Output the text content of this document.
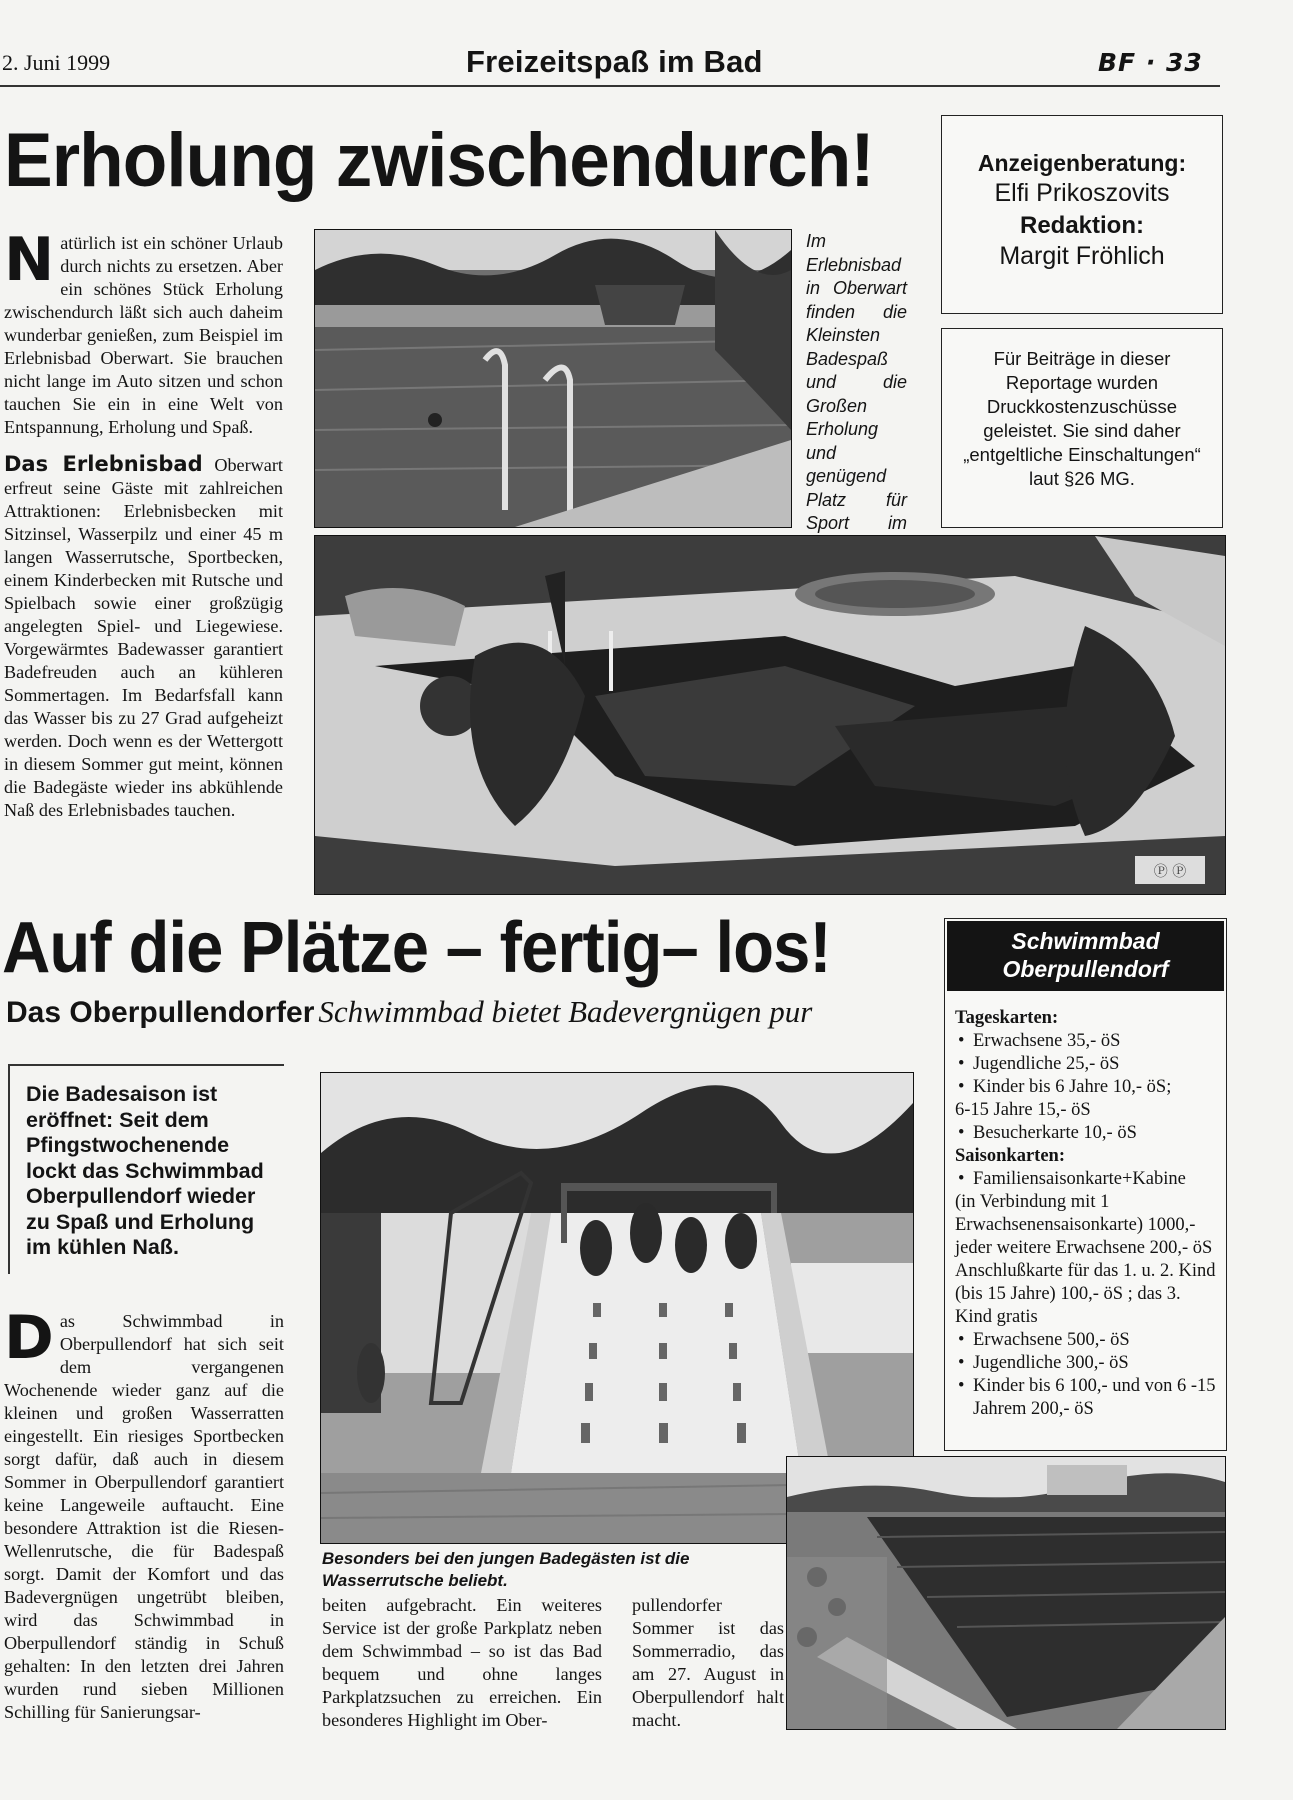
2. Juni 1999	Freizeitspaß im Bad	BF · 33
Erholung zwischendurch!
Natürlich ist ein schöner Urlaub durch nichts zu ersetzen. Aber ein schönes Stück Erholung zwischendurch läßt sich auch daheim wunderbar genießen, zum Beispiel im Erlebnisbad Oberwart. Sie brauchen nicht lange im Auto sitzen und schon tauchen Sie ein in eine Welt von Entspannung, Erholung und Spaß.
Das Erlebnisbad Oberwart erfreut seine Gäste mit zahlreichen Attraktionen: Erlebnisbecken mit Sitzinsel, Wasserpilz und einer 45 m langen Wasserrutsche, Sportbecken, einem Kinderbecken mit Rutsche und Spielbach sowie einer großzügig angelegten Spiel- und Liegewiese. Vorgewärmtes Badewasser garantiert Badefreuden auch an kühleren Sommertagen. Im Bedarfsfall kann das Wasser bis zu 27 Grad aufgeheizt werden. Doch wenn es der Wettergott in diesem Sommer gut meint, können die Badegäste wieder ins abkühlende Naß des Erlebnisbades tauchen.
Im Erlebnisbad in Oberwart finden die Kleinsten Badespaß und die Großen Erholung und genügend Platz für Sport im
Anzeigenberatung:
Elfi Prikoszovits
Redaktion:
Margit Fröhlich
Für Beiträge in dieser Reportage wurden Druckkostenzuschüsse geleistet. Sie sind daher „entgeltliche Einschaltungen“ laut §26 MG.
Ⓟ Ⓟ
Auf die Plätze – fertig– los!
Das Oberpullendorfer Schwimmbad bietet Badevergnügen pur
Die Badesaison ist eröffnet: Seit dem Pfingstwochenende lockt das Schwimmbad Oberpullendorf wieder zu Spaß und Erholung im kühlen Naß.
Das Schwimmbad in Oberpullendorf hat sich seit dem vergangenen Wochenende wieder ganz auf die kleinen und großen Wasserratten eingestellt. Ein riesiges Sportbecken sorgt dafür, daß auch in diesem Sommer in Oberpullendorf garantiert keine Langeweile auftaucht. Eine besondere Attraktion ist die Riesen-Wellenrutsche, die für Badespaß sorgt. Damit der Komfort und das Badevergnügen ungetrübt bleiben, wird das Schwimmbad in Oberpullendorf ständig in Schuß gehalten: In den letzten drei Jahren wurden rund sieben Millionen Schilling für Sanierungsar-
Besonders bei den jungen Badegästen ist die Wasserrutsche beliebt.
beiten aufgebracht. Ein weiteres Service ist der große Parkplatz neben dem Schwimmbad – so ist das Bad bequem und ohne langes Parkplatzsuchen zu erreichen. Ein besonderes Highlight im Ober-
pullendorfer Sommer ist das Sommerradio, das am 27. August in Oberpullendorf halt macht.
Schwimmbad
Oberpullendorf
Tageskarten:
• Erwachsene 35,- öS
• Jugendliche 25,- öS
• Kinder bis 6 Jahre 10,- öS;
6-15 Jahre 15,- öS
• Besucherkarte 10,- öS
Saisonkarten:
• Familiensaisonkarte+Kabine
(in Verbindung mit 1 Erwachsenensaisonkarte) 1000,- jeder weitere Erwachsene 200,- öS Anschlußkarte für das 1. u. 2. Kind (bis 15 Jahre) 100,- öS ; das 3. Kind gratis
• Erwachsene 500,- öS
• Jugendliche 300,- öS
• Kinder bis 6 100,- und von 6 -15 Jahrem 200,- öS
